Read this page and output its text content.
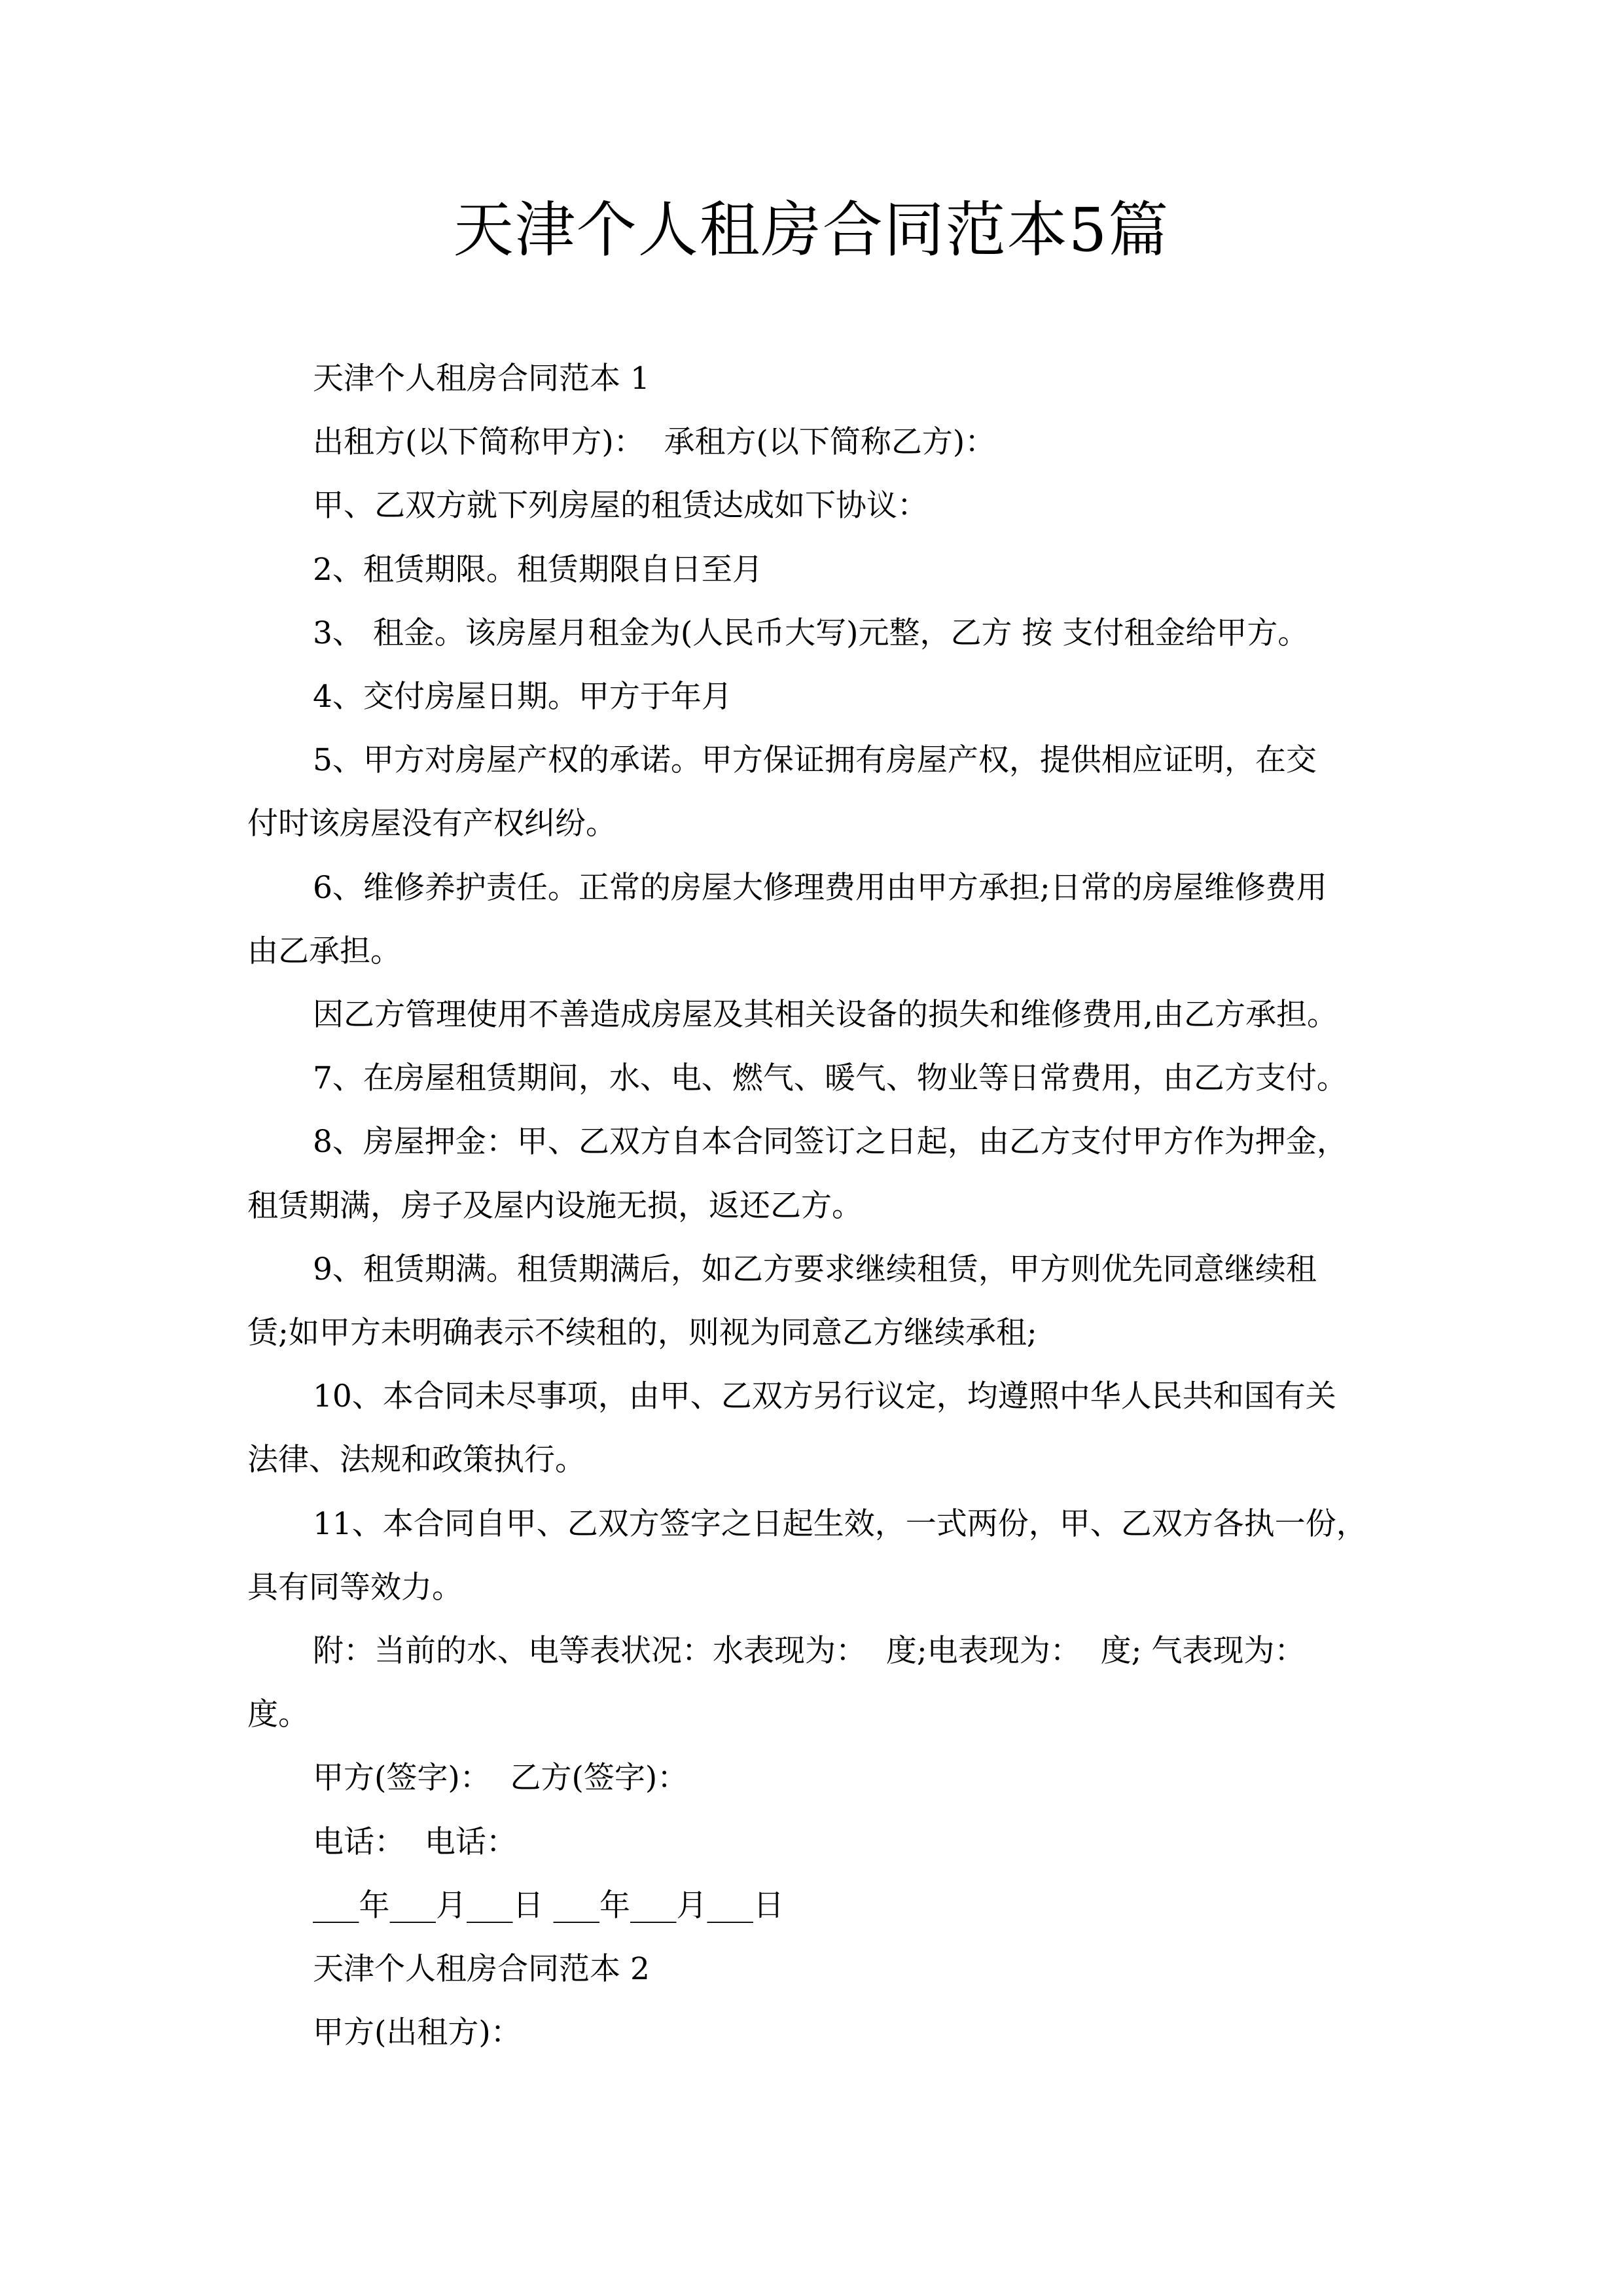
天津个人租房合同范本5篇
天津个人租房合同范本 1
出租方(以下简称甲方)：  承租方(以下简称乙方)：
甲、乙双方就下列房屋的租赁达成如下协议：
2、租赁期限。租赁期限自日至月
3、 租金。该房屋月租金为(人民币大写)元整，乙方 按 支付租金给甲方。
4、交付房屋日期。甲方于年月
5、甲方对房屋产权的承诺。甲方保证拥有房屋产权，提供相应证明，在交
付时该房屋没有产权纠纷。
6、维修养护责任。正常的房屋大修理费用由甲方承担;日常的房屋维修费用
由乙承担。
因乙方管理使用不善造成房屋及其相关设备的损失和维修费用,由乙方承担。
7、在房屋租赁期间，水、电、燃气、暖气、物业等日常费用，由乙方支付。
8、房屋押金：甲、乙双方自本合同签订之日起，由乙方支付甲方作为押金，
租赁期满，房子及屋内设施无损，返还乙方。
9、租赁期满。租赁期满后，如乙方要求继续租赁，甲方则优先同意继续租
赁;如甲方未明确表示不续租的，则视为同意乙方继续承租;
10、本合同未尽事项，由甲、乙双方另行议定，均遵照中华人民共和国有关
法律、法规和政策执行。
11、本合同自甲、乙双方签字之日起生效，一式两份，甲、乙双方各执一份，
具有同等效力。
附：当前的水、电等表状况：水表现为：  度;电表现为：  度; 气表现为：
度。
甲方(签字)：  乙方(签字)：
电话：  电话：
___年___月___日 ___年___月___日
天津个人租房合同范本 2
甲方(出租方)：
